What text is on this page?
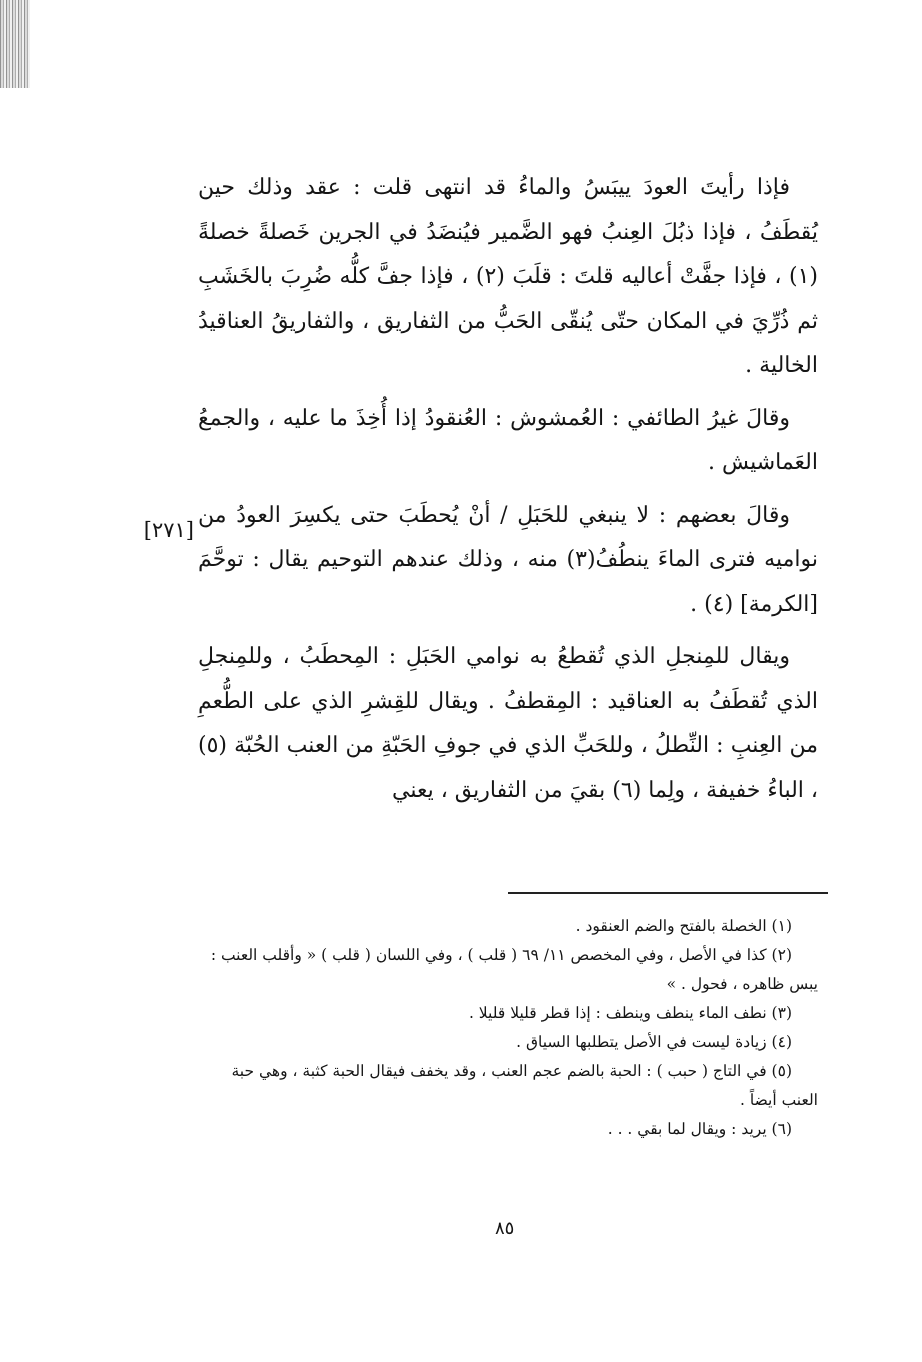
[٢٧١]

فإذا رأيتَ العودَ ييبَسُ والماءُ قد انتهى قلت : عقد وذلك حين يُقطَفُ ، فإذا ذبُلَ العِنبُ فهو الضَّمير فيُنضَدُ في الجرين خَصلةً خصلةً (١) ، فإذا جفَّتْ أعاليه قلتَ : قلَبَ (٢) ، فإذا جفَّ كلُّه ضُرِبَ بالخَشَبِ ثم ذُرِّيَ في المكان حتّى يُنقّى الحَبُّ من الثفاريق ، والثفاريقُ العناقيدُ الخالية .

وقالَ غيرُ الطائفي : العُمشوش : العُنقودُ إذا أُخِذَ ما عليه ، والجمعُ العَماشيش .

وقالَ بعضهم : لا ينبغي للحَبَلِ / أنْ يُحطَبَ حتى يكسِرَ العودُ من نواميه فترى الماءَ ينطُفُ(٣) منه ، وذلك عندهم التوحيم يقال : توحَّمَ [الكرمة] (٤) .

ويقال للمِنجلِ الذي تُقطعُ به نوامي الحَبَلِ : المِحطَبُ ، وللمِنجلِ الذي تُقطَفُ به العناقيد : المِقطفُ . ويقال للقِشرِ الذي على الطُّعمِ من العِنبِ : النِّطلُ ، وللحَبِّ الذي في جوفِ الحَبّةِ من العنب الحُبّة (٥) ، الباءُ خفيفة ، ولِما (٦) بقيَ من الثفاريق ، يعني

(١) الخصلة بالفتح والضم العنقود .

(٢) كذا في الأصل ، وفي المخصص ١١/ ٦٩ ( قلب ) ، وفي اللسان ( قلب ) « وأقلب العنب : يبس ظاهره ، فحول . »

(٣) نطف الماء ينطف وينطف : إذا قطر قليلا قليلا .

(٤) زيادة ليست في الأصل يتطلبها السياق .

(٥) في التاج ( حبب ) : الحبة بالضم عجم العنب ، وقد يخفف فيقال الحبة كثبة ، وهي حبة العنب أيضاً .

(٦) يريد : ويقال لما بقي . . .

٨٥
